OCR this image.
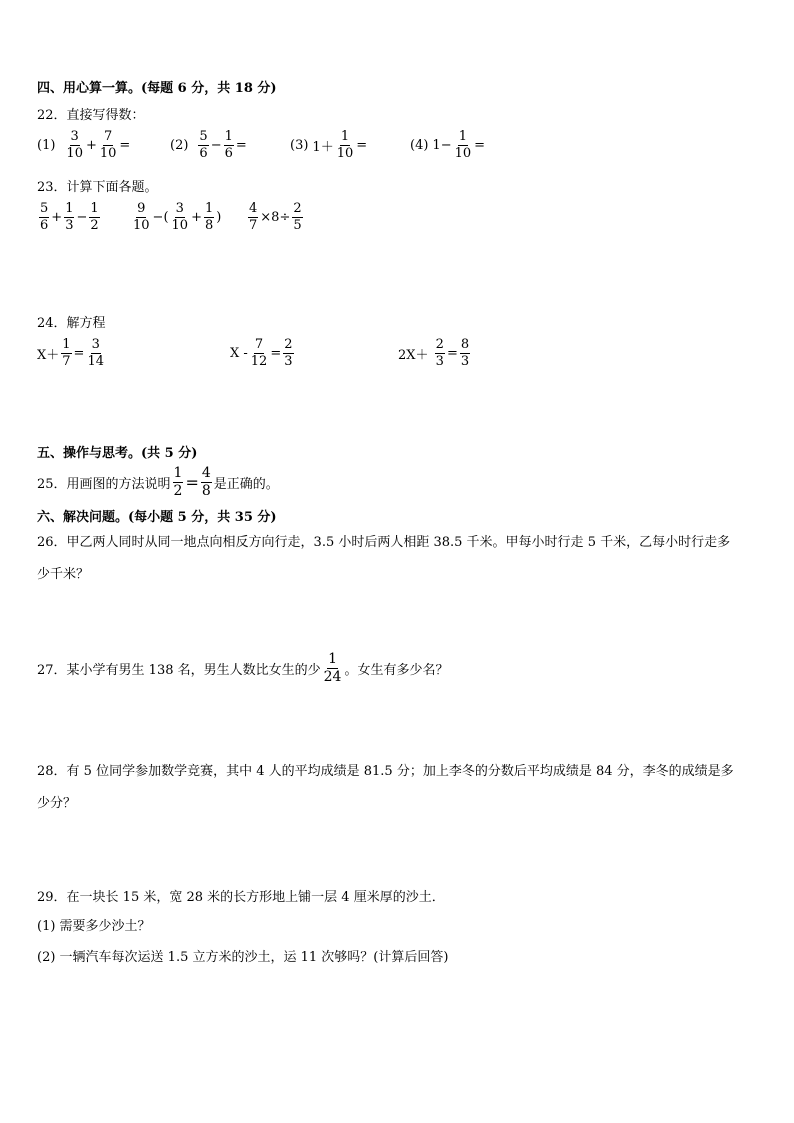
四、用心算一算。(每题 6 分，共 18 分)
22．直接写得数：
$(1) \frac{3}{10} + \frac{7}{10}$ =	$(2) \frac{5}{6} - \frac{1}{6}$ =	(3) $1+ \frac{1}{10}$ =	(4) $1- \frac{1}{10}$ =
23．计算下面各题。
$\frac{5}{6} + \frac{1}{3} - \frac{1}{2} \frac{9}{10}$ −( $\frac{3}{10} + \frac{1}{8}$ ) $\frac{4}{7} \times 8\div \frac{2}{5}$
24．解方程
$X+ \frac{1}{7} = \frac{3}{14}$	$X - \frac{7}{12} = \frac{2}{3}$	$2X+ \frac{2}{3} = \frac{8}{3}$
五、操作与思考。(共 5 分)
25．用画图的方法说明 $\frac{1}{2} = \frac{4}{8}$ 是正确的。
六、解决问题。(每小题 5 分，共 35 分)
26．甲乙两人同时从同一地点向相反方向行走，3.5 小时后两人相距 38.5 千米。甲每小时行走 5 千米，乙每小时行走多
少千米？
27．某小学有男生 138 名，男生人数比女生的少 $\frac{1}{24}$ 。女生有多少名？
28．有 5 位同学参加数学竞赛，其中 4 人的平均成绩是 81.5 分；加上李冬的分数后平均成绩是 84 分，李冬的成绩是多
少分？
29．在一块长 15 米，宽 28 米的长方形地上铺一层 4 厘米厚的沙土．
(1) 需要多少沙土？
(2) 一辆汽车每次运送 1.5 立方米的沙土，运 11 次够吗？(计算后回答)
